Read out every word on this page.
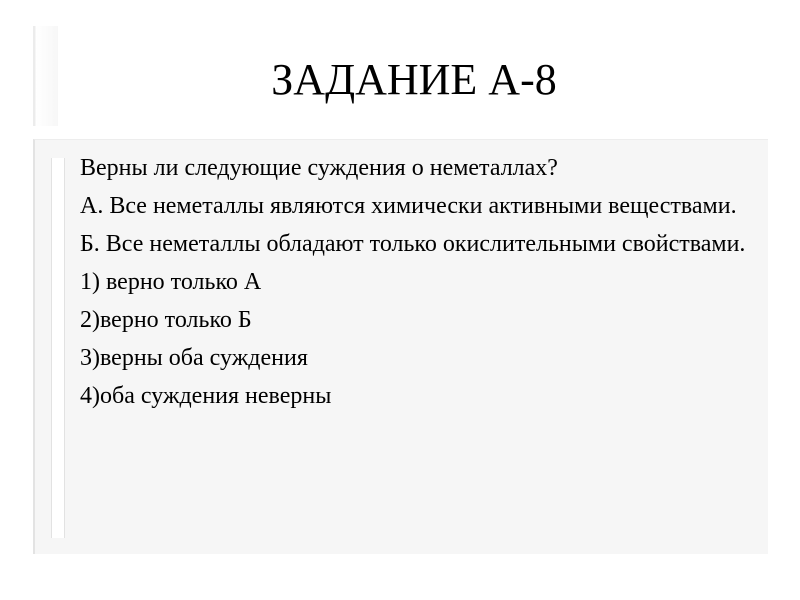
ЗАДАНИЕ А-8

Верны ли следующие суждения о неметаллах?

А. Все неметаллы являются химически активными веществами.

Б. Все неметаллы обладают только окислительными свойствами.

1) верно только А

2)верно только Б

3)верны оба суждения

4)оба суждения неверны
